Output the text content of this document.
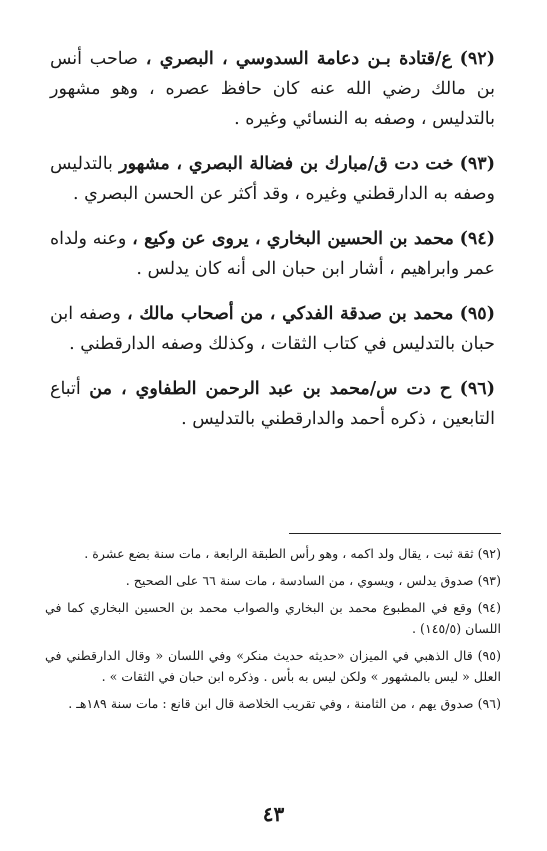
(٩٢) ع/قتادة بـن دعامة السدوسي ، البصري ، صاحب أنس بن مالك رضي الله عنه كان حافظ عصره ، وهو مشهور بالتدليس ، وصفه به النسائي وغيره .

(٩٣) خت دت ق/مبارك بن فضالة البصري ، مشهور بالتدليس وصفه به الدارقطني وغيره ، وقد أكثر عن الحسن البصري .

(٩٤) محمد بن الحسين البخاري ، يروى عن وكيع ، وعنه ولداه عمر وابراهيم ، أشار ابن حبان الى أنه كان يدلس .

(٩٥) محمد بن صدقة الفدكي ، من أصحاب مالك ، وصفه ابن حبان بالتدليس في كتاب الثقات ، وكذلك وصفه الدارقطني .

(٩٦) ح دت س/محمد بن عبد الرحمن الطفاوي ، من أتباع التابعين ، ذكره أحمد والدارقطني بالتدليس .

(٩٢) ثقة ثبت ، يقال ولد اكمه ، وهو رأس الطبقة الرابعة ، مات سنة بضع عشرة .

(٩٣) صدوق يدلس ، ويسوي ، من السادسة ، مات سنة ٦٦ على الصحيح .

(٩٤) وقع في المطبوع محمد بن البخاري والصواب محمد بن الحسين البخاري كما في اللسان (١٤٥/٥) .

(٩٥) قال الذهبي في الميزان «حديثه حديث منكر» وفي اللسان « وقال الدارقطني في العلل « ليس بالمشهور » ولكن ليس به بأس . وذكره ابن حبان في الثقات » .

(٩٦) صدوق يهم ، من الثامنة ، وفي تقريب الخلاصة قال ابن قانع : مات سنة ١٨٩هـ .

٤٣
